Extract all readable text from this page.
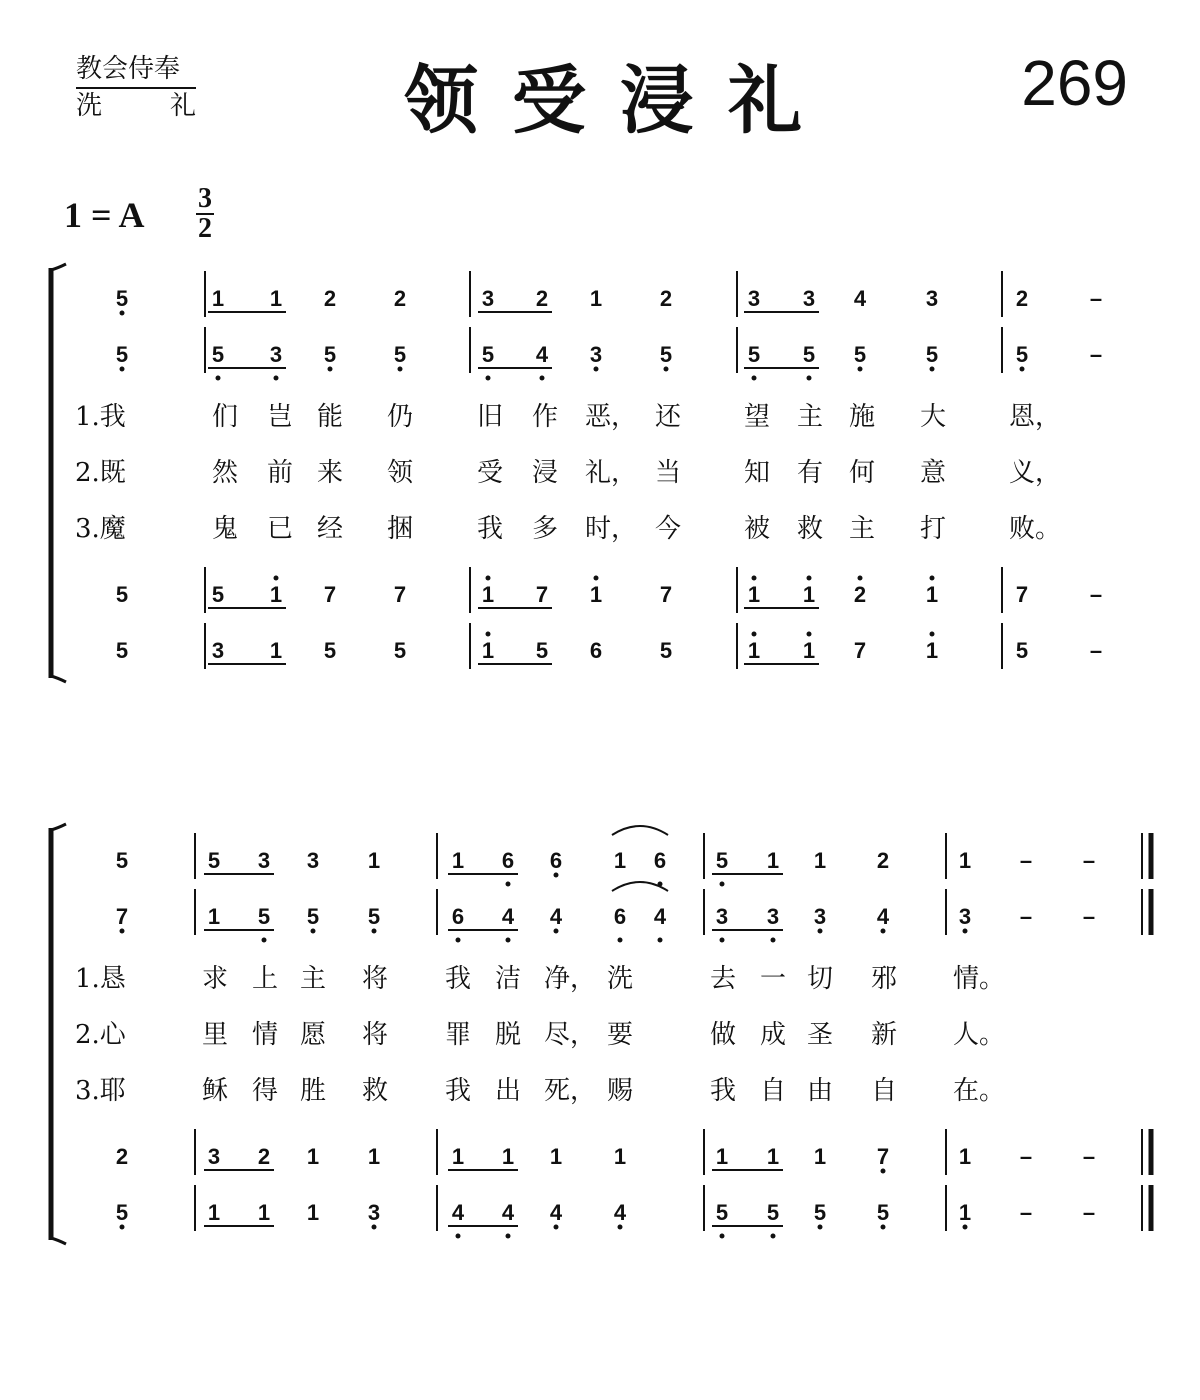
教会侍奉
洗	礼	领受浸礼	269
1 = A 3
2
5	1 1 2	2	3 2 1	2	3 3 4	3	2	–
5	5 3 5	5	5 4 3	5	5 5 5	5	5	–
5	5 1 7	7	1 7 1	7	1 1 2	1	7	–
5	3 1 5	5	1 5 6	5	1 1 7	1	5	–
1.我	们 岂 能 仍 旧 作 恶， 还 望 主 施 大 恩，
2.既	然 前 来 领 受 浸 礼， 当 知 有 何 意 义，
3.魔	鬼 已 经 捆 我 多 时， 今 被 救 主 打 败。
5	5 3 3 1	1 6 6 1 6 5 1 1 2	1 – –
7	1 5 5 5	6 4 4 6 4 3 3 3 4	3 – –
2	3 2 1 1	1 1 1 1	1 1 1 7	1 – –
5	1 1 1 3	4 4 4 4	5 5 5 5	1 – –
1.恳	求 上 主 将 我 洁 净， 洗	去 一 切 邪 情。
2.心	里 情 愿 将 罪 脱 尽， 要	做 成 圣 新 人。
3.耶	稣 得 胜 救 我 出 死， 赐	我 自 由 自 在。
